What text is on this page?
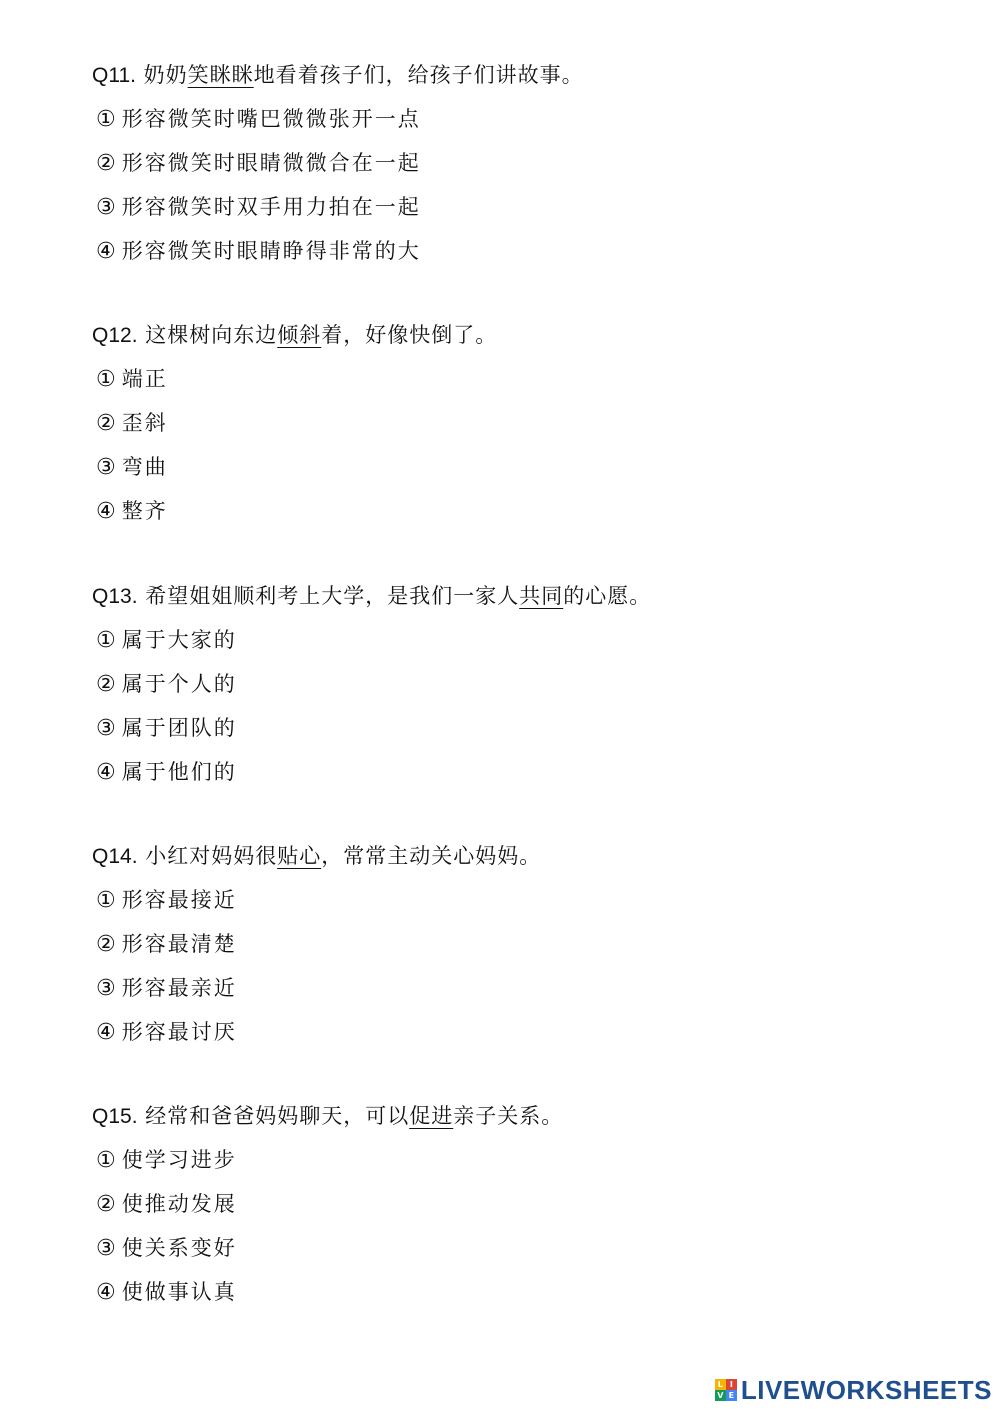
Q11. 奶奶笑眯眯地看着孩子们，给孩子们讲故事。
① 形容微笑时嘴巴微微张开一点
② 形容微笑时眼睛微微合在一起
③ 形容微笑时双手用力拍在一起
④ 形容微笑时眼睛睁得非常的大
Q12. 这棵树向东边倾斜着，好像快倒了。
① 端正
② 歪斜
③ 弯曲
④ 整齐
Q13. 希望姐姐顺利考上大学，是我们一家人共同的心愿。
① 属于大家的
② 属于个人的
③ 属于团队的
④ 属于他们的
Q14. 小红对妈妈很贴心，常常主动关心妈妈。
① 形容最接近
② 形容最清楚
③ 形容最亲近
④ 形容最讨厌
Q15. 经常和爸爸妈妈聊天，可以促进亲子关系。
① 使学习进步
② 使推动发展
③ 使关系变好
④ 使做事认真
L I
V E LIVEWORKSHEETS
